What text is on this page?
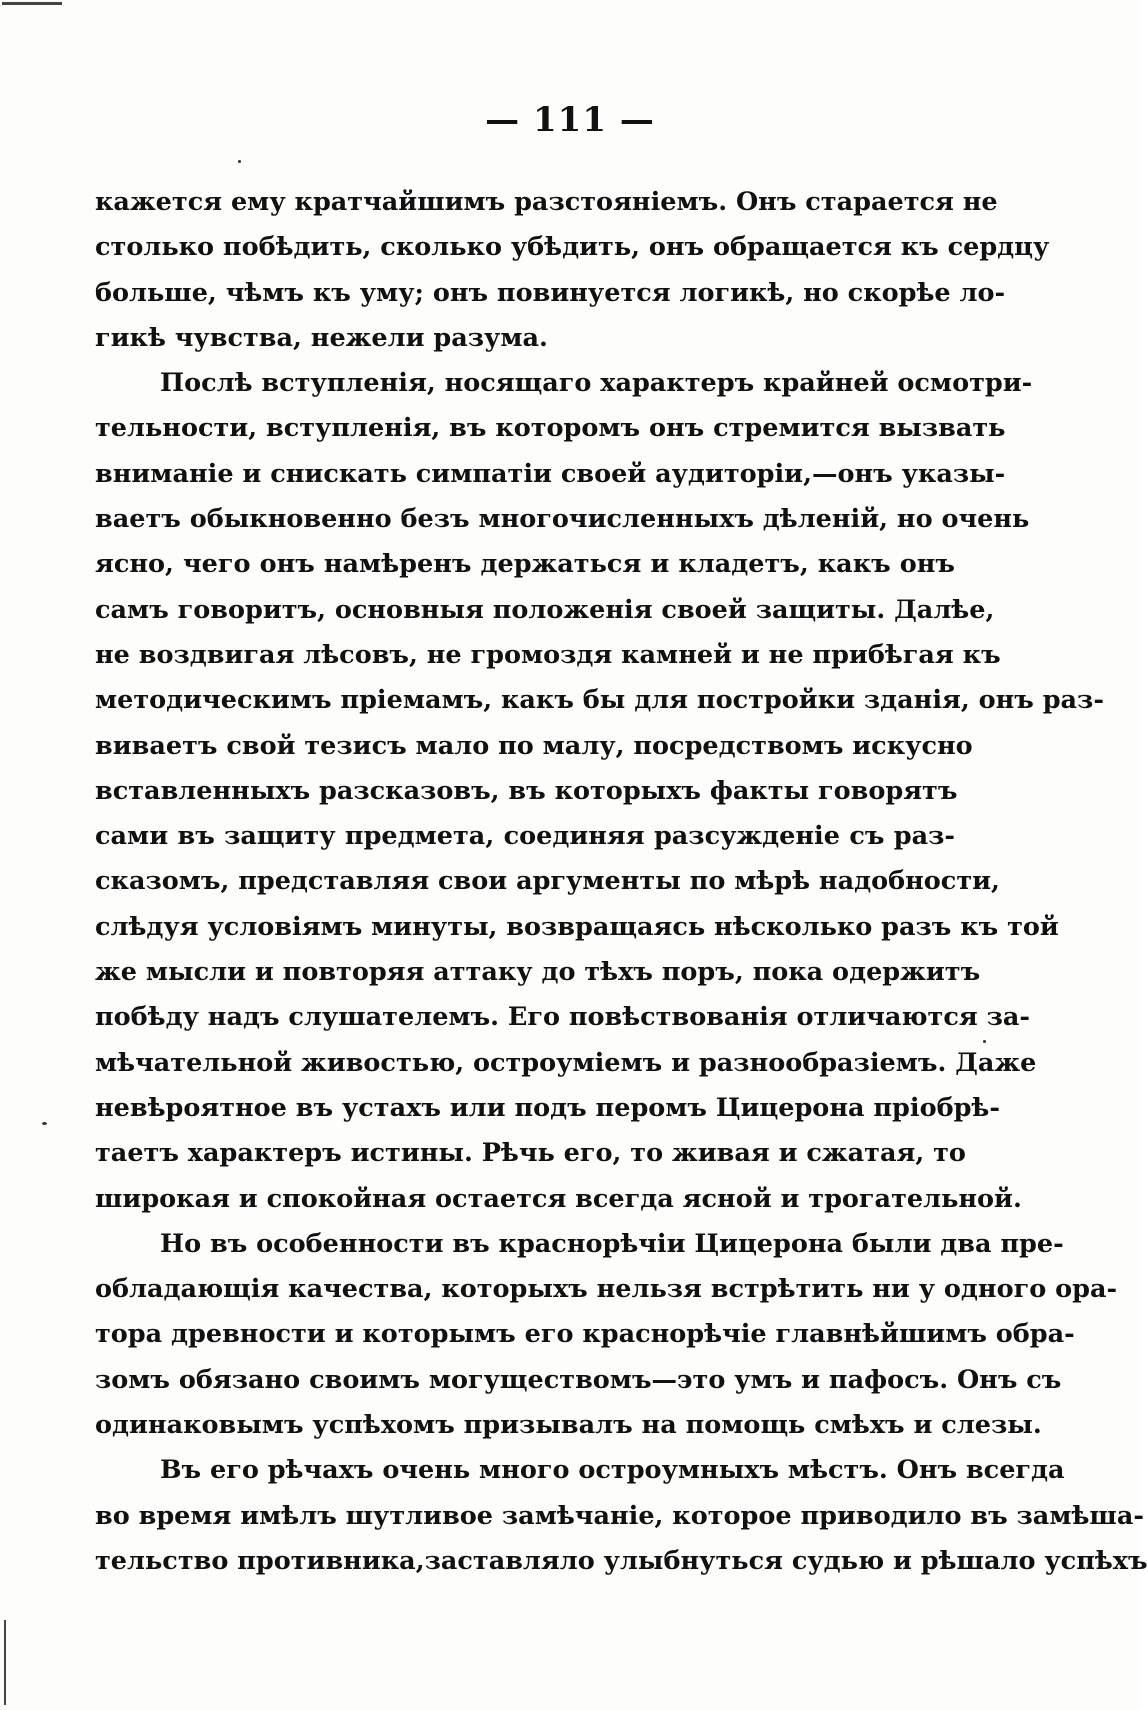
— 111 —
кажется ему кратчайшимъ разстояніемъ. Онъ старается не
столько побѣдить, сколько убѣдить, онъ обращается къ сердцу
больше, чѣмъ къ уму; онъ повинуется логикѣ, но скорѣе ло-
гикѣ чувства, нежели разума.
Послѣ вступленія, носящаго характеръ крайней осмотри-
тельности, вступленія, въ которомъ онъ стремится вызвать
вниманіе и снискать симпатіи своей аудиторіи,—онъ указы-
ваетъ обыкновенно безъ многочисленныхъ дѣленій, но очень
ясно, чего онъ намѣренъ держаться и кладетъ, какъ онъ
самъ говоритъ, основныя положенія своей защиты. Далѣе,
не воздвигая лѣсовъ, не громоздя камней и не прибѣгая къ
методическимъ пріемамъ, какъ бы для постройки зданія, онъ раз-
виваетъ свой тезисъ мало по малу, посредствомъ искусно
вставленныхъ разсказовъ, въ которыхъ факты говорятъ
сами въ защиту предмета, соединяя разсужденіе съ раз-
сказомъ, представляя свои аргументы по мѣрѣ надобности,
слѣдуя условіямъ минуты, возвращаясь нѣсколько разъ къ той
же мысли и повторяя аттаку до тѣхъ поръ, пока одержитъ
побѣду надъ слушателемъ. Его повѣствованія отличаются за-
мѣчательной живостью, остроуміемъ и разнообразіемъ. Даже
невѣроятное въ устахъ или подъ перомъ Цицерона пріобрѣ-
таетъ характеръ истины. Рѣчь его, то живая и сжатая, то
широкая и спокойная остается всегда ясной и трогательной.
Но въ особенности въ краснорѣчіи Цицерона были два пре-
обладающія качества, которыхъ нельзя встрѣтить ни у одного ора-
тора древности и которымъ его краснорѣчіе главнѣйшимъ обра-
зомъ обязано своимъ могуществомъ—это умъ и пафосъ. Онъ съ
одинаковымъ успѣхомъ призывалъ на помощь смѣхъ и слезы.
Въ его рѣчахъ очень много остроумныхъ мѣстъ. Онъ всегда
во время имѣлъ шутливое замѣчаніе, которое приводило въ замѣша-
тельство противника,заставляло улыбнуться судью и рѣшало успѣхъ
